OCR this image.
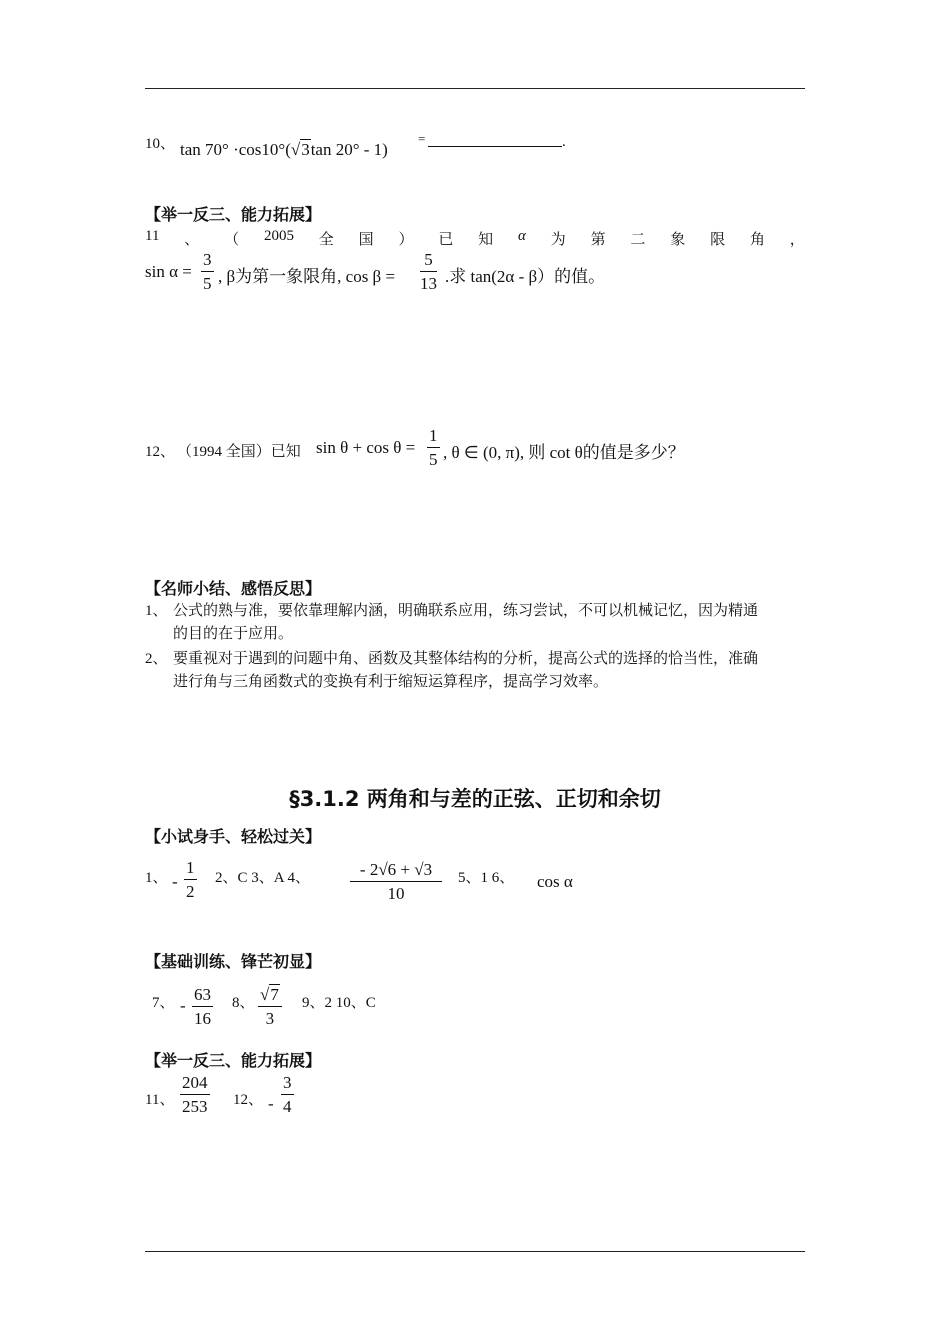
10、 tan 70° ·cos10°(√3tan 20° - 1)
=	.
【举一反三、能力拓展】
11 、 （ 2005 全 国 ） 已 知 α 为 第 二 象 限 角 ，
$\sin \alpha = \frac{3}{5}$ , β为第一象限角, $\cos \beta = \frac{5}{13}$ .求 tan(2α - β）的值。
12、 （1994 全国）已知 $\sin \theta + \cos \theta = \frac{1}{5}$ , θ ∈ (0, π), 则 cot θ的值是多少？
【名师小结、感悟反思】
1、 公式的熟与准，要依靠理解内涵，明确联系应用，练习尝试，不可以机械记忆，因为精通
的目的在于应用。
2、 要重视对于遇到的问题中角、函数及其整体结构的分析，提高公式的选择的恰当性，准确
进行角与三角函数式的变换有利于缩短运算程序，提高学习效率。
§3.1.2 两角和与差的正弦、正切和余切
【小试身手、轻松过关】
1、 - $\frac{1}{2} 2$、C 3、A 4、 $\frac{- 2√6 + √3}{10} 5$、1 6、 cos α
【基础训练、锋芒初显】
7、 - $\frac{63}{16} 8$、 $\frac{√7}{3} 9$、2 10、C
【举一反三、能力拓展】
11、 $\frac{204}{253} 12$、 - $\frac{3}{4}$
